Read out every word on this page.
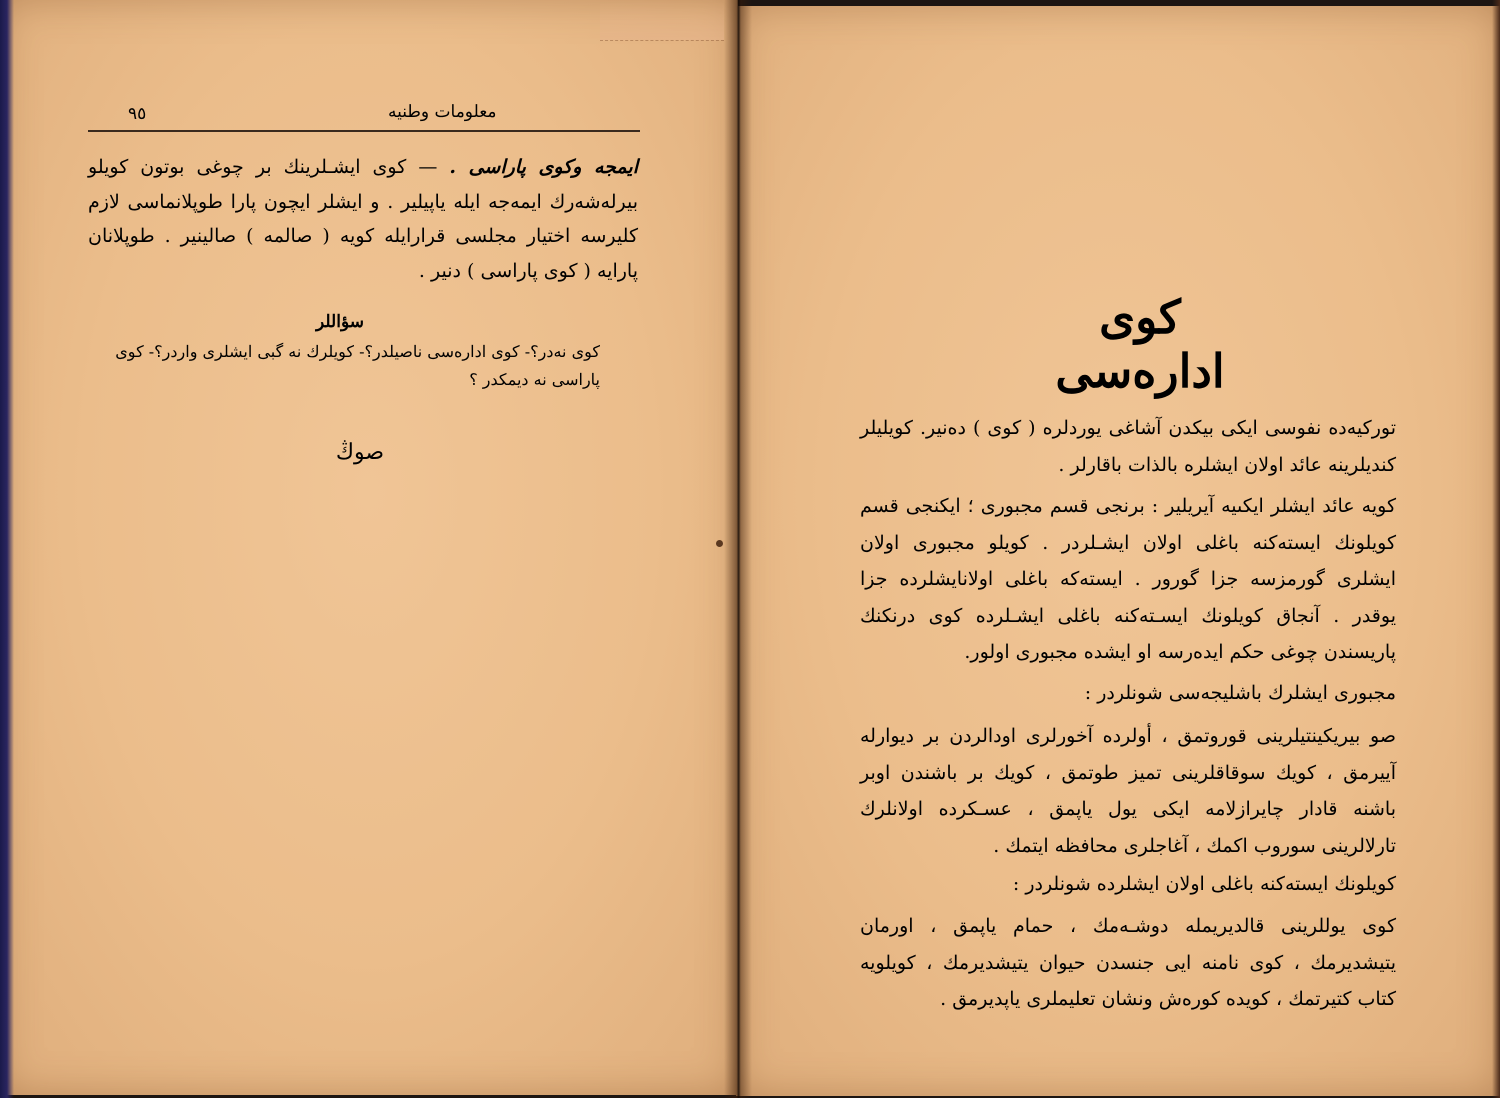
٩٥	معلومات وطنيه

ايمجه وكوى پاراسى . — كوى ايشـلرينك بر چوغى بوتون كويلو بيرلەشەرك ايمەجه ايله ياپيلير . و ايشلر ايچون پارا طوپلانماسى لازم كليرسه اختيار مجلسى قرارايله كويه ( صالمه ) صالينير . طوپلانان پارايه ( كوى پاراسى ) دنير .

سؤاللر

كوى نەدر؟- كوى ادارەسى ناصيلدر؟- كويلرك نه گبى ايشلرى واردر؟- كوى پاراسى نه ديمكدر ؟

صوڭ
كوى ادارەسى

توركيەده نفوسى ايكى بيكدن آشاغى يوردلره ( كوى ) دەنير. كويليلر كنديلرينه عائد اولان ايشلره بالذات باقارلر .

كويه عائد ايشلر ايكىيه آيريلير : برنجى قسم مجبورى ؛ ايكنجى قسم كويلونك ايستەكنه باغلى اولان ايشـلردر . كويلو مجبورى اولان ايشلرى گورمزسه جزا گورور . ايستەكه باغلى اولانايشلرده جزا يوقدر . آنجاق كويلونك ايسـتەكنه باغلى ايشـلرده كوى درنكنك پاريسندن چوغى حكم ايدەرسه او ايشده مجبورى اولور.

مجبورى ايشلرك باشليجەسى شونلردر :

صو بيريكينتيلرينى قوروتمق ، أولرده آخورلرى اودالردن بر ديوارله آييرمق ، كويك سوقاقلرينى تميز طوتمق ، كويك بر باشندن اوبر باشنه قادار چايرازلامه ايكى يول ياپمق ، عسـكرده اولانلرك تارلالرينى سوروب اكمك ، آغاجلرى محافظه ايتمك .

كويلونك ايستەكنه باغلى اولان ايشلرده شونلردر :

كوى يوللرينى قالديريمله دوشـەمك ، حمام ياپمق ، اورمان يتيشديرمك ، كوى نامنه ايى جنسدن حيوان يتيشديرمك ، كويلويه كتاب كتيرتمك ، كويده كورەش ونشان تعليملرى ياپديرمق .
